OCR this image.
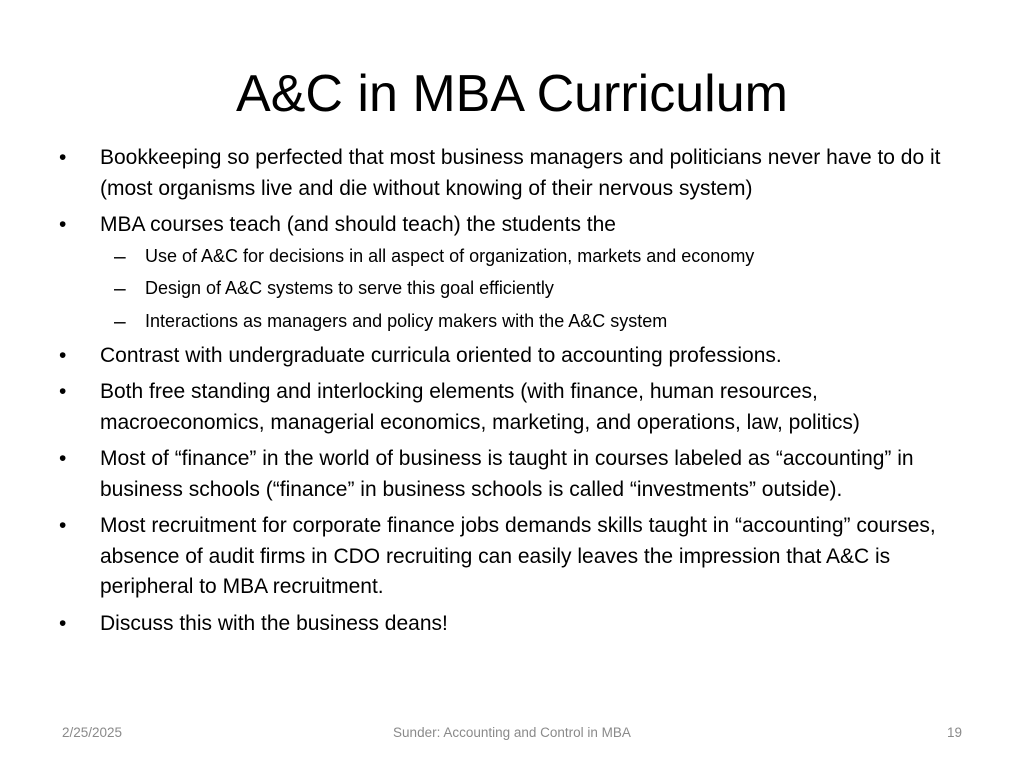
A&C in MBA Curriculum
• Bookkeeping so perfected that most business managers and politicians never have to do it (most organisms live and die without knowing of their nervous system)
• MBA courses teach (and should teach) the students the
– Use of A&C for decisions in all aspect of organization, markets and economy
– Design of A&C systems to serve this goal efficiently
– Interactions as managers and policy makers with the A&C system
• Contrast with undergraduate curricula oriented to accounting professions.
• Both free standing and interlocking elements (with finance, human resources, macroeconomics, managerial economics, marketing, and operations, law, politics)
• Most of “finance” in the world of business is taught in courses labeled as “accounting” in business schools (“finance” in business schools is called “investments” outside).
• Most recruitment for corporate finance jobs demands skills taught in “accounting” courses, absence of audit firms in CDO recruiting can easily leaves the impression that A&C is peripheral to MBA recruitment.
• Discuss this with the business deans!
2/25/2025	Sunder: Accounting and Control in MBA	19
